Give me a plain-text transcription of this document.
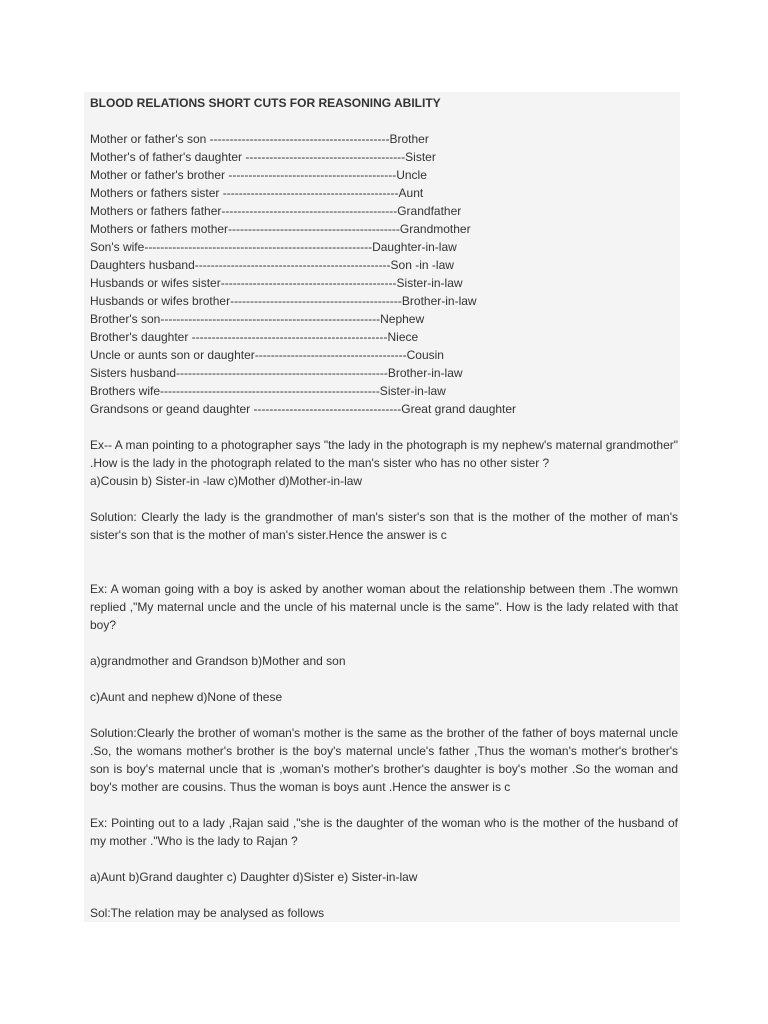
BLOOD RELATIONS SHORT CUTS FOR REASONING ABILITY
Mother or father's son ---------------------------------------------Brother
Mother's of father's daughter ----------------------------------------Sister
Mother or father's brother ------------------------------------------Uncle
Mothers or fathers sister --------------------------------------------Aunt
Mothers or fathers father--------------------------------------------Grandfather
Mothers or fathers mother-------------------------------------------Grandmother
Son's wife---------------------------------------------------------Daughter-in-law
Daughters husband-------------------------------------------------Son -in -law
Husbands or wifes sister--------------------------------------------Sister-in-law
Husbands or wifes brother-------------------------------------------Brother-in-law
Brother's son-------------------------------------------------------Nephew
Brother's daughter -------------------------------------------------Niece
Uncle or aunts son or daughter--------------------------------------Cousin
Sisters husband-----------------------------------------------------Brother-in-law
Brothers wife-------------------------------------------------------Sister-in-law
Grandsons or geand daughter -------------------------------------Great grand daughter
Ex-- A man pointing to a photographer says "the lady in the photograph is my nephew's maternal grandmother" .How is the lady in the photograph related to the man's sister who has no other sister ?
a)Cousin b) Sister-in -law c)Mother d)Mother-in-law
Solution: Clearly the lady is the grandmother of man's sister's son that is the mother of the mother of man's sister's son that is the mother of man's sister.Hence the answer is c
Ex: A woman going with a boy is asked by another woman about the relationship between them .The womwn replied ,"My maternal uncle and the uncle of his maternal uncle is the same". How is the lady related with that boy?
a)grandmother and Grandson b)Mother and son
c)Aunt and nephew d)None of these
Solution:Clearly the brother of woman's mother is the same as the brother of the father of boys maternal uncle .So, the womans mother's brother is the boy's maternal uncle's father ,Thus the woman's mother's brother's son is boy's maternal uncle that is ,woman's mother's brother's daughter is boy's mother .So the woman and boy's mother are cousins. Thus the woman is boys aunt .Hence the answer is c
Ex: Pointing out to a lady ,Rajan said ,"she is the daughter of the woman who is the mother of the husband of my mother ."Who is the lady to Rajan ?
a)Aunt b)Grand daughter c) Daughter d)Sister e) Sister-in-law
Sol:The relation may be analysed as follows
